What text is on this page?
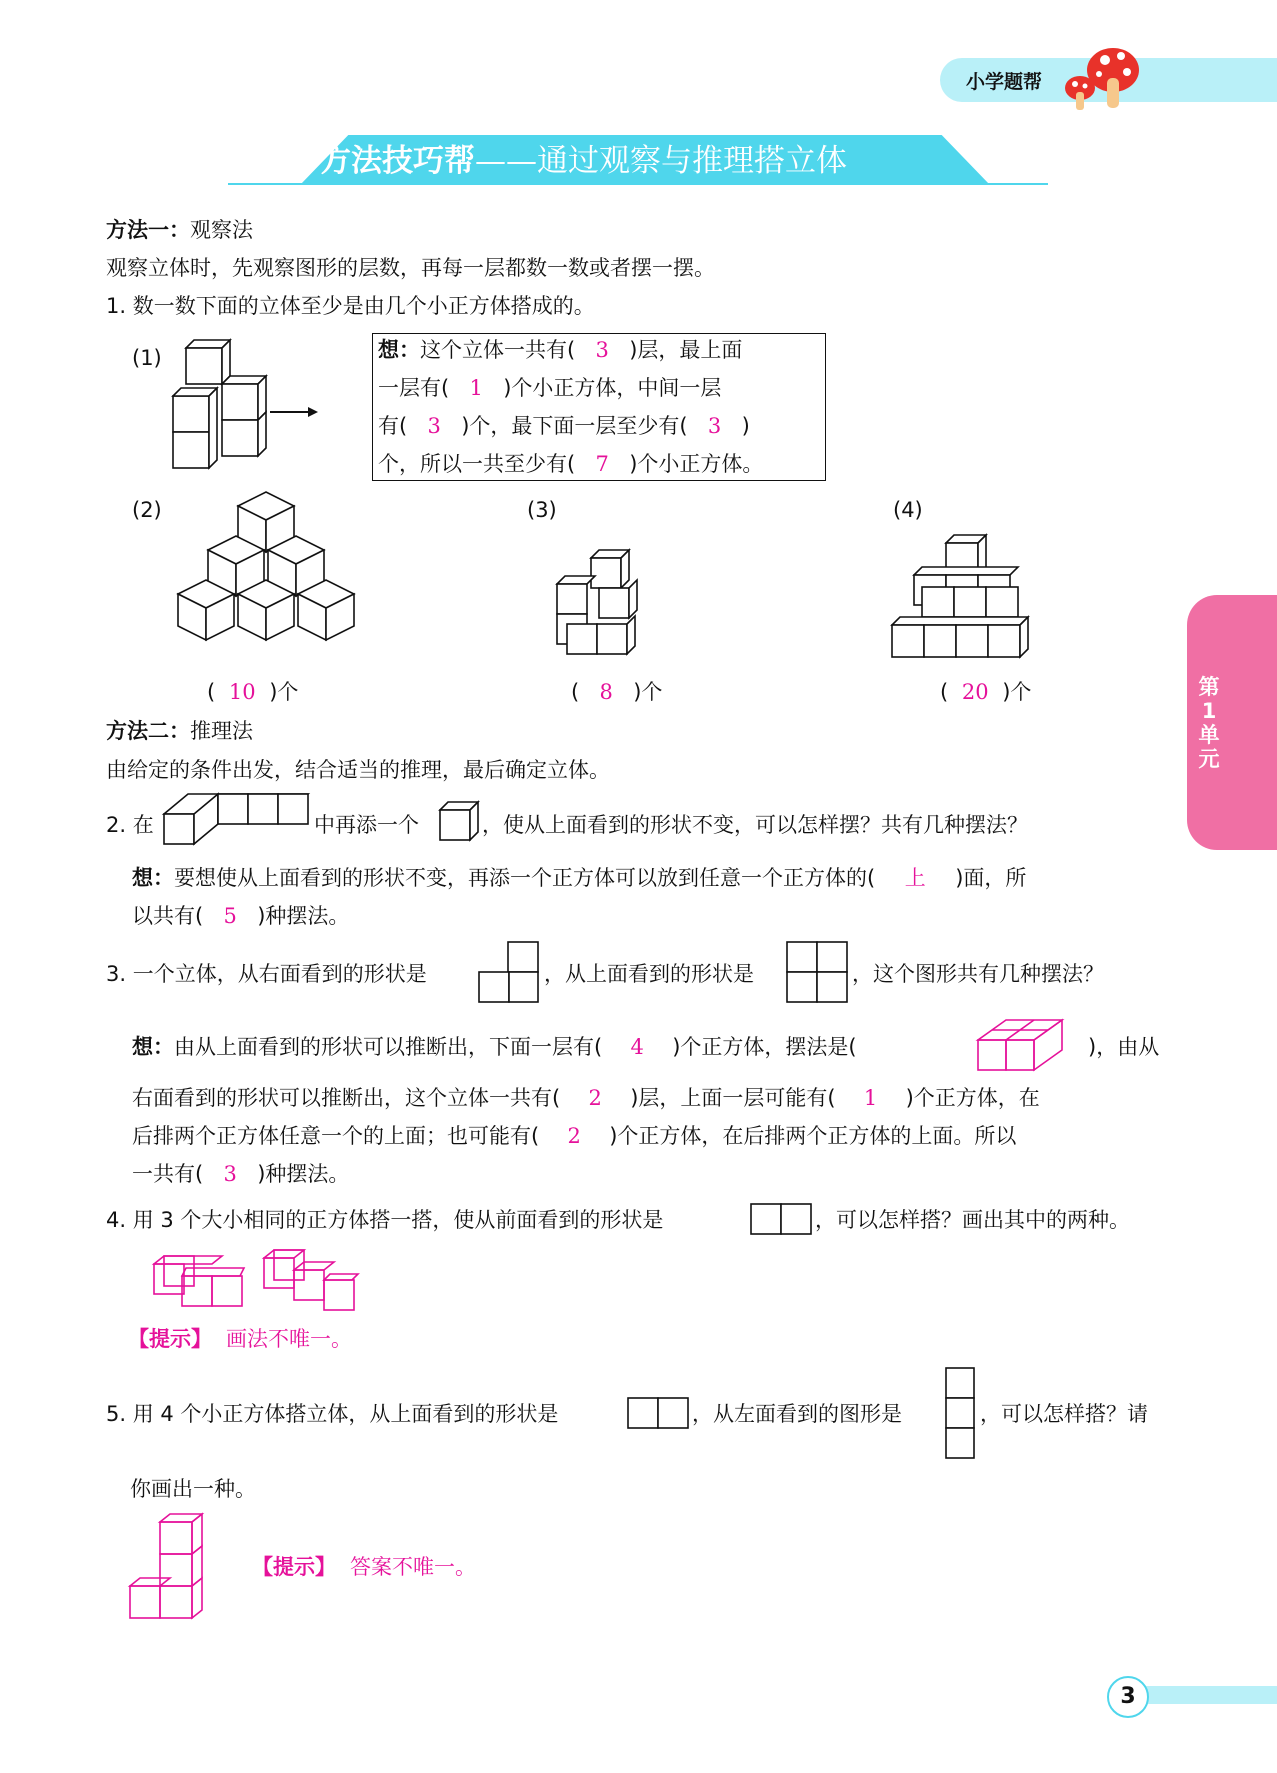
小学题帮
方法技巧帮——通过观察与推理搭立体
第
1
单
元
方法一：观察法
观察立体时，先观察图形的层数，再每一层都数一数或者摆一摆。
1. 数一数下面的立体至少是由几个小正方体搭成的。
(1)	想：这个立体一共有( 3 )层，最上面
一层有( 1 )个小正方体，中间一层
有( 3 )个，最下面一层至少有( 3 )
个，所以一共至少有( 7 )个小正方体。
(2)	(3)	(4)
( 10 )个	( 8 )个	( 20 )个
方法二：推理法
由给定的条件出发，结合适当的推理，最后确定立体。
2. 在	中再添一个	，使从上面看到的形状不变，可以怎样摆？共有几种摆法？
想：要想使从上面看到的形状不变，再添一个正方体可以放到任意一个正方体的( 上 )面，所
以共有( 5 )种摆法。
3. 一个立体，从右面看到的形状是	，从上面看到的形状是	，这个图形共有几种摆法？
想：由从上面看到的形状可以推断出，下面一层有( 4 )个正方体，摆法是(	)，由从
右面看到的形状可以推断出，这个立体一共有( 2 )层，上面一层可能有( 1 )个正方体，在
后排两个正方体任意一个的上面；也可能有( 2 )个正方体，在后排两个正方体的上面。所以
一共有( 3 )种摆法。
4. 用 3 个大小相同的正方体搭一搭，使从前面看到的形状是	，可以怎样搭？画出其中的两种。
【提示】 画法不唯一。
5. 用 4 个小正方体搭立体，从上面看到的形状是	，从左面看到的图形是	，可以怎样搭？请
你画出一种。
【提示】 答案不唯一。
3
